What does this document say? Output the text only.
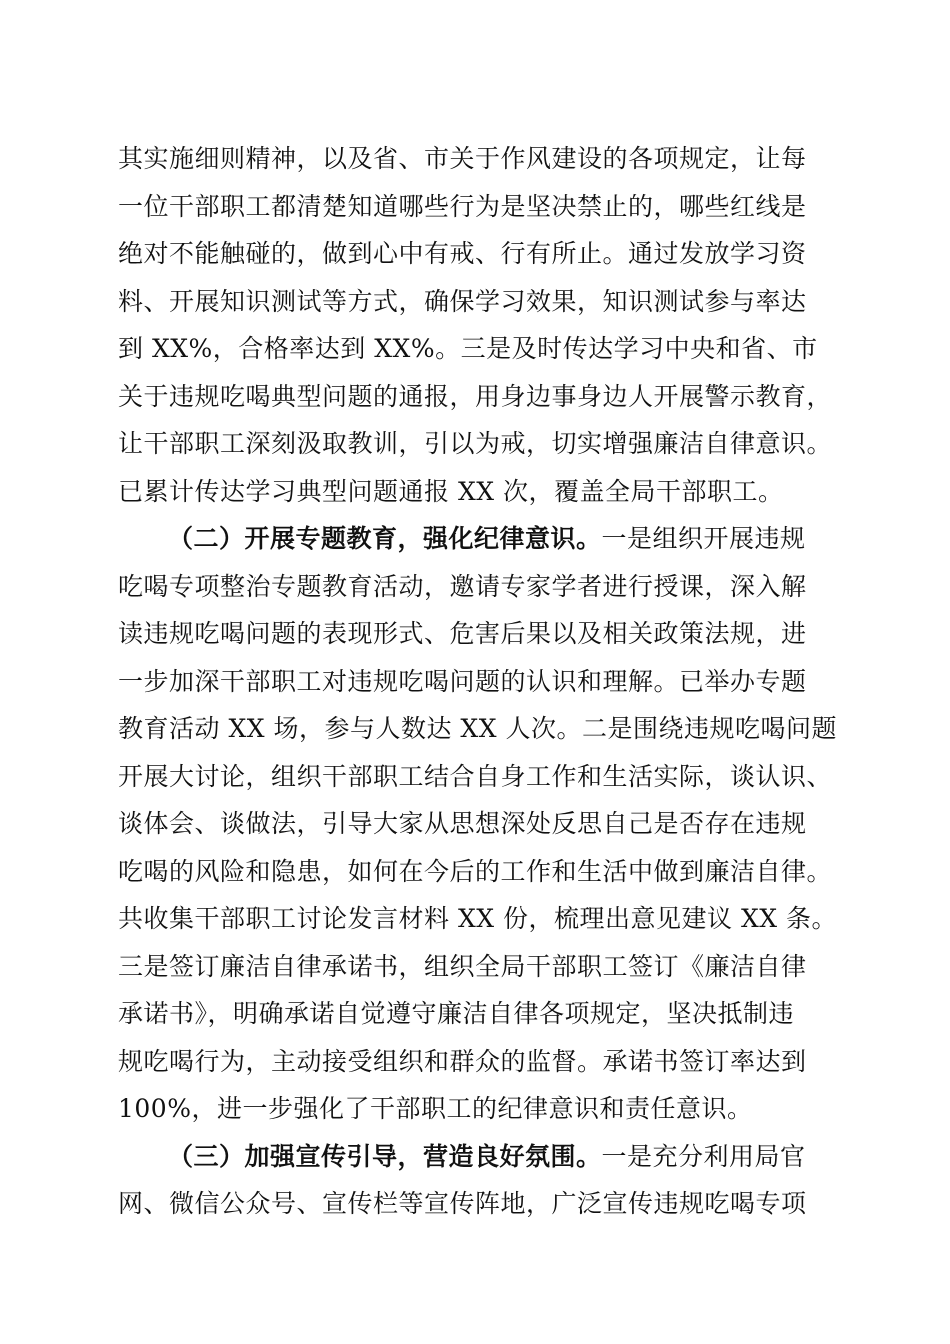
其实施细则精神，以及省、市关于作风建设的各项规定，让每
一位干部职工都清楚知道哪些行为是坚决禁止的，哪些红线是
绝对不能触碰的，做到心中有戒、行有所止。通过发放学习资
料、开展知识测试等方式，确保学习效果，知识测试参与率达
到 XX%，合格率达到 XX%。三是及时传达学习中央和省、市
关于违规吃喝典型问题的通报，用身边事身边人开展警示教育，
让干部职工深刻汲取教训，引以为戒，切实增强廉洁自律意识。
已累计传达学习典型问题通报 XX 次，覆盖全局干部职工。
（二）开展专题教育，强化纪律意识。一是组织开展违规
吃喝专项整治专题教育活动，邀请专家学者进行授课，深入解
读违规吃喝问题的表现形式、危害后果以及相关政策法规，进
一步加深干部职工对违规吃喝问题的认识和理解。已举办专题
教育活动 XX 场，参与人数达 XX 人次。二是围绕违规吃喝问题
开展大讨论，组织干部职工结合自身工作和生活实际，谈认识、
谈体会、谈做法，引导大家从思想深处反思自己是否存在违规
吃喝的风险和隐患，如何在今后的工作和生活中做到廉洁自律。
共收集干部职工讨论发言材料 XX 份，梳理出意见建议 XX 条。
三是签订廉洁自律承诺书，组织全局干部职工签订《廉洁自律
承诺书》，明确承诺自觉遵守廉洁自律各项规定，坚决抵制违
规吃喝行为，主动接受组织和群众的监督。承诺书签订率达到
100%，进一步强化了干部职工的纪律意识和责任意识。
（三）加强宣传引导，营造良好氛围。一是充分利用局官
网、微信公众号、宣传栏等宣传阵地，广泛宣传违规吃喝专项
